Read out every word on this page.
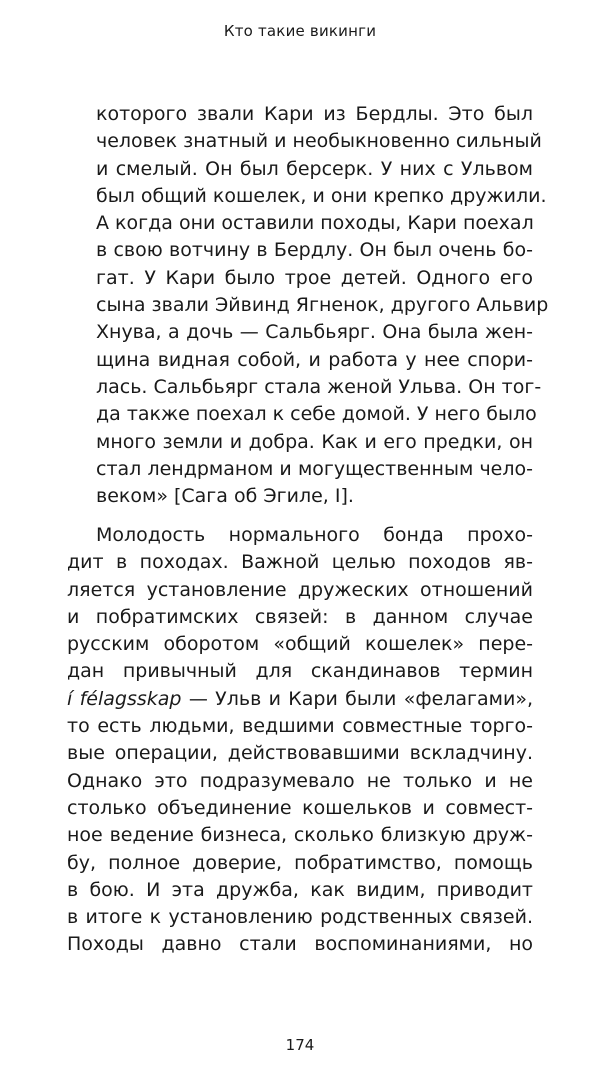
Кто такие викинги
которого звали Кари из Бердлы. Это был
человек знатный и необыкновенно сильный
и смелый. Он был берсерк. У них с Ульвом
был общий кошелек, и они крепко дружили.
А когда они оставили походы, Кари поехал
в свою вотчину в Бердлу. Он был очень бо-
гат. У Кари было трое детей. Одного его
сына звали Эйвинд Ягненок, другого Альвир
Хнува, а дочь — Сальбьярг. Она была жен-
щина видная собой, и работа у нее спори-
лась. Сальбьярг стала женой Ульва. Он тог-
да также поехал к себе домой. У него было
много земли и добра. Как и его предки, он
стал лендрманом и могущественным чело-
веком» [Сага об Эгиле, I].
Молодость нормального бонда прохо-
дит в походах. Важной целью походов яв-
ляется установление дружеских отношений
и побратимских связей: в данном случае
русским оборотом «общий кошелек» пере-
дан привычный для скандинавов термин
í félagsskap — Ульв и Кари были «фелагами»,
то есть людьми, ведшими совместные торго-
вые операции, действовавшими вскладчину.
Однако это подразумевало не только и не
столько объединение кошельков и совмест-
ное ведение бизнеса, сколько близкую друж-
бу, полное доверие, побратимство, помощь
в бою. И эта дружба, как видим, приводит
в итоге к установлению родственных связей.
Походы давно стали воспоминаниями, но
174
